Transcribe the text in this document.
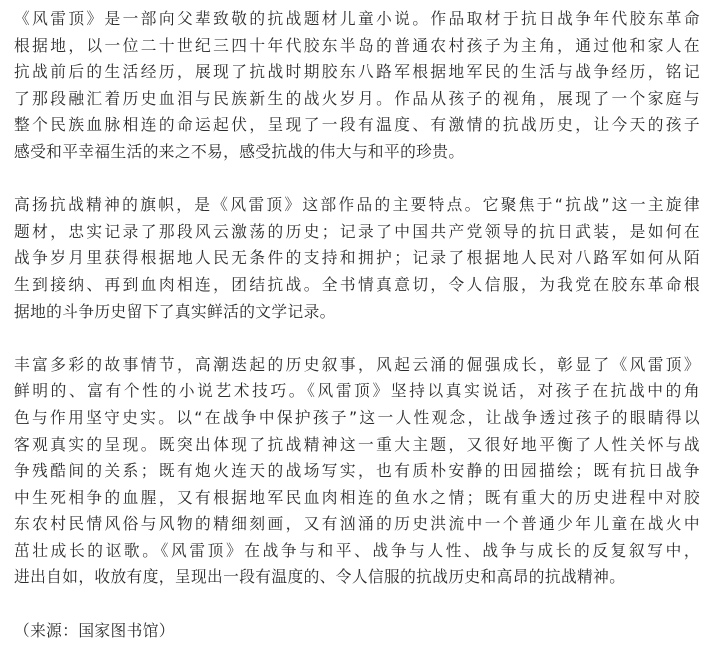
《风雷顶》是一部向父辈致敬的抗战题材儿童小说。作品取材于抗日战争年代胶东革命
根据地，以一位二十世纪三四十年代胶东半岛的普通农村孩子为主角，通过他和家人在
抗战前后的生活经历，展现了抗战时期胶东八路军根据地军民的生活与战争经历，铭记
了那段融汇着历史血泪与民族新生的战火岁月。作品从孩子的视角，展现了一个家庭与
整个民族血脉相连的命运起伏，呈现了一段有温度、有激情的抗战历史，让今天的孩子
感受和平幸福生活的来之不易，感受抗战的伟大与和平的珍贵。

高扬抗战精神的旗帜，是《风雷顶》这部作品的主要特点。它聚焦于“抗战”这一主旋律
题材，忠实记录了那段风云激荡的历史；记录了中国共产党领导的抗日武装，是如何在
战争岁月里获得根据地人民无条件的支持和拥护；记录了根据地人民对八路军如何从陌
生到接纳、再到血肉相连，团结抗战。全书情真意切，令人信服，为我党在胶东革命根
据地的斗争历史留下了真实鲜活的文学记录。

丰富多彩的故事情节，高潮迭起的历史叙事，风起云涌的倔强成长，彰显了《风雷顶》
鲜明的、富有个性的小说艺术技巧。《风雷顶》坚持以真实说话，对孩子在抗战中的角
色与作用坚守史实。以“在战争中保护孩子”这一人性观念，让战争透过孩子的眼睛得以
客观真实的呈现。既突出体现了抗战精神这一重大主题，又很好地平衡了人性关怀与战
争残酷间的关系；既有炮火连天的战场写实，也有质朴安静的田园描绘；既有抗日战争
中生死相争的血腥，又有根据地军民血肉相连的鱼水之情；既有重大的历史进程中对胶
东农村民情风俗与风物的精细刻画，又有汹涌的历史洪流中一个普通少年儿童在战火中
茁壮成长的讴歌。《风雷顶》在战争与和平、战争与人性、战争与成长的反复叙写中，
进出自如，收放有度，呈现出一段有温度的、令人信服的抗战历史和高昂的抗战精神。

（来源：国家图书馆）
